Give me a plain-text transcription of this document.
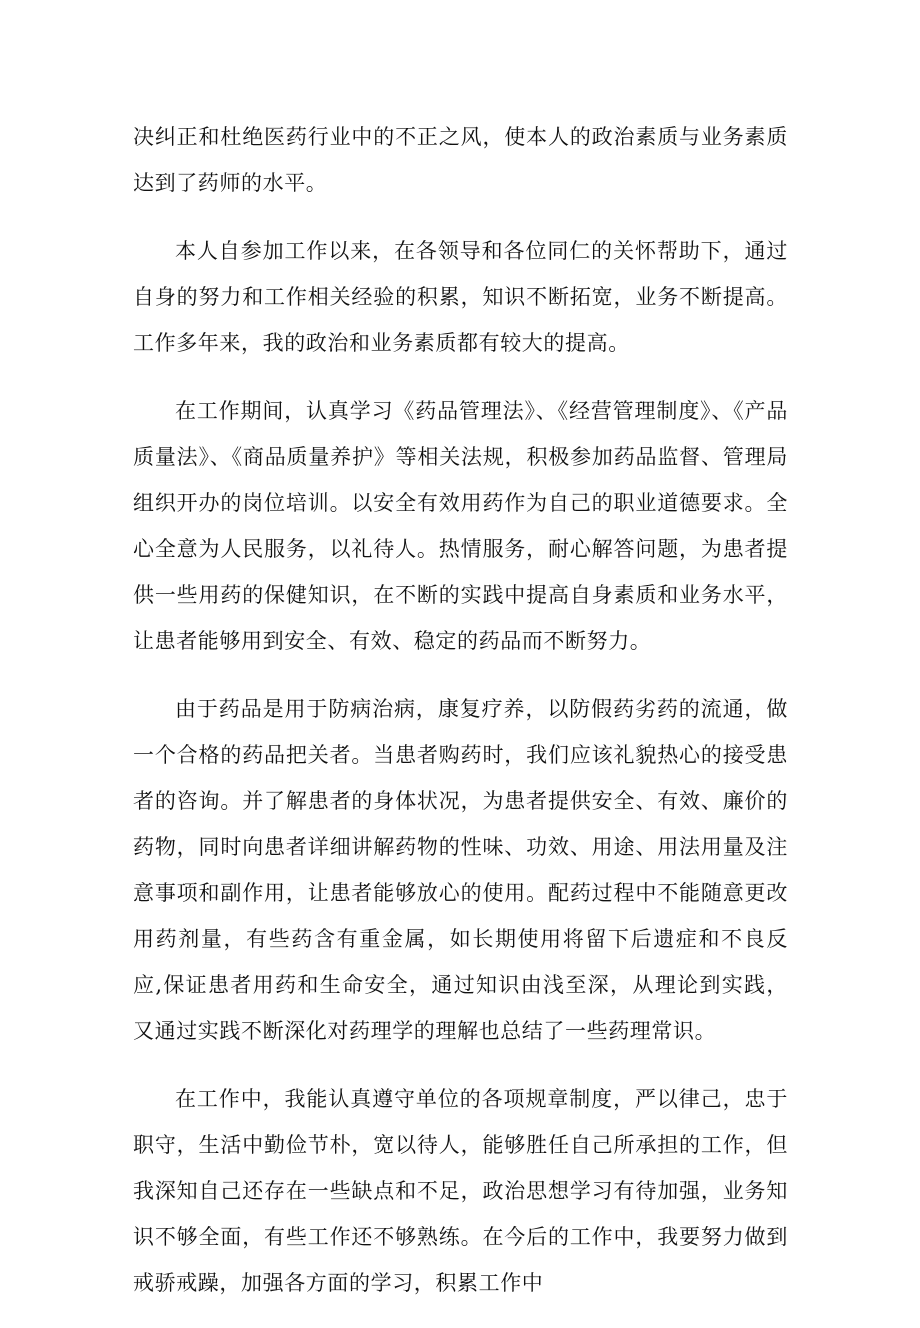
决纠正和杜绝医药行业中的不正之风，使本人的政治素质与业务素质达到了药师的水平。

本人自参加工作以来，在各领导和各位同仁的关怀帮助下，通过自身的努力和工作相关经验的积累，知识不断拓宽，业务不断提高。工作多年来，我的政治和业务素质都有较大的提高。

在工作期间，认真学习《药品管理法》、《经营管理制度》、《产品质量法》、《商品质量养护》等相关法规，积极参加药品监督、管理局组织开办的岗位培训。以安全有效用药作为自己的职业道德要求。全心全意为人民服务，以礼待人。热情服务，耐心解答问题，为患者提供一些用药的保健知识，在不断的实践中提高自身素质和业务水平，让患者能够用到安全、有效、稳定的药品而不断努力。

由于药品是用于防病治病，康复疗养，以防假药劣药的流通，做一个合格的药品把关者。当患者购药时，我们应该礼貌热心的接受患者的咨询。并了解患者的身体状况，为患者提供安全、有效、廉价的药物，同时向患者详细讲解药物的性味、功效、用途、用法用量及注意事项和副作用，让患者能够放心的使用。配药过程中不能随意更改用药剂量，有些药含有重金属，如长期使用将留下后遗症和不良反应,保证患者用药和生命安全，通过知识由浅至深，从理论到实践，又通过实践不断深化对药理学的理解也总结了一些药理常识。

在工作中，我能认真遵守单位的各项规章制度，严以律己，忠于职守，生活中勤俭节朴，宽以待人，能够胜任自己所承担的工作，但我深知自己还存在一些缺点和不足，政治思想学习有待加强，业务知识不够全面，有些工作还不够熟练。在今后的工作中，我要努力做到戒骄戒躁，加强各方面的学习，积累工作中
